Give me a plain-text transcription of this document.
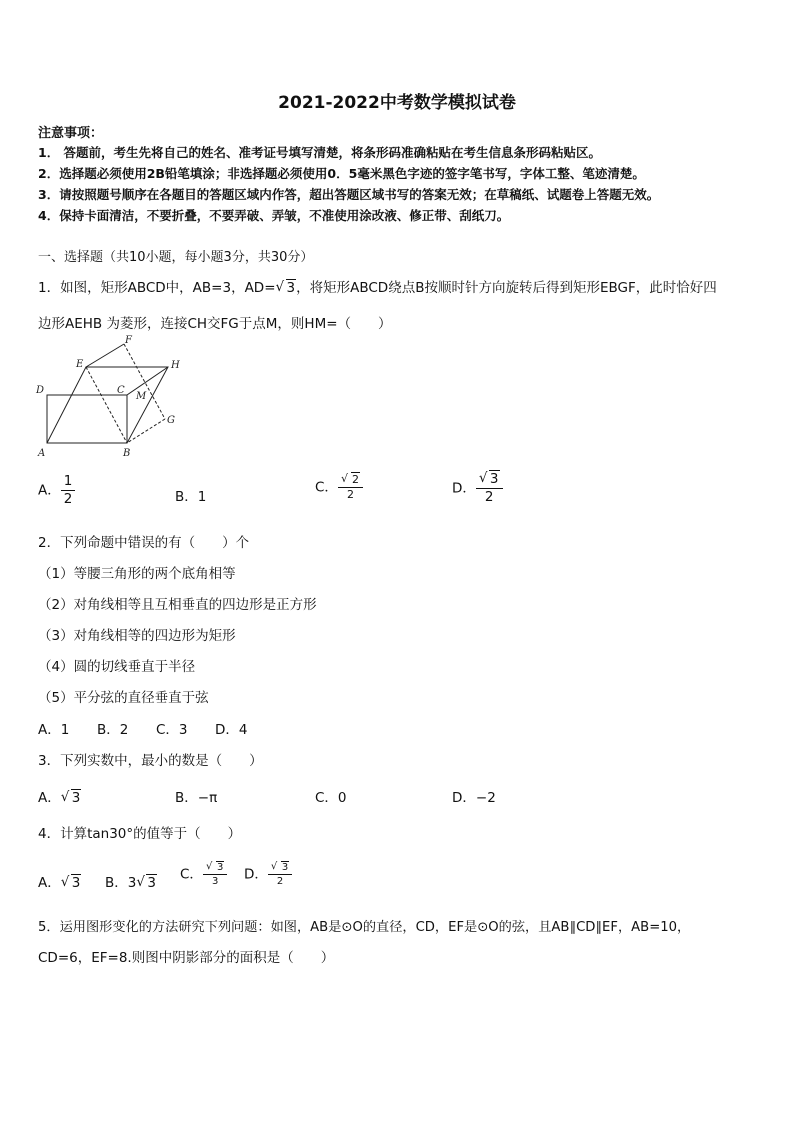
2021-2022中考数学模拟试卷
注意事项：
1． 答题前，考生先将自己的姓名、准考证号填写清楚，将条形码准确粘贴在考生信息条形码粘贴区。
2．选择题必须使用2B铅笔填涂；非选择题必须使用0．5毫米黑色字迹的签字笔书写，字体工整、笔迹清楚。
3．请按照题号顺序在各题目的答题区域内作答，超出答题区域书写的答案无效；在草稿纸、试题卷上答题无效。
4．保持卡面清洁，不要折叠，不要弄破、弄皱，不准使用涂改液、修正带、刮纸刀。
一、选择题（共10小题，每小题3分，共30分）
1．如图，矩形ABCD中，AB=3，AD= √ 3，将矩形ABCD绕点B按顺时针方向旋转后得到矩形EBGF，此时恰好四
边形AEHB 为菱形，连接CH交FG于点M，则HM=（　　）
A	B
C
D
E
F
G
H
M
A． $\frac{1}{2}$	B．1
C． √ $\frac{2}{2}$	D． √ $\frac{3}{2}$
2．下列命题中错误的有（　　）个
（1）等腰三角形的两个底角相等
（2）对角线相等且互相垂直的四边形是正方形
（3）对角线相等的四边形为矩形
（4）圆的切线垂直于半径
（5）平分弦的直径垂直于弦
A．1 B．2 C．3 D．4
3．下列实数中，最小的数是（　　）
A． √ 3	B．−π	C．0	D．−2
4．计算tan30°的值等于（　　）
A． √ 3 B．3 √ 3
C． √ $\frac{3}{3}$ D． √ $\frac{3}{2}$
5．运用图形变化的方法研究下列问题：如图，AB是⊙O的直径，CD，EF是⊙O的弦，且AB∥CD∥EF，AB=10，
CD=6，EF=8.则图中阴影部分的面积是（　　）
